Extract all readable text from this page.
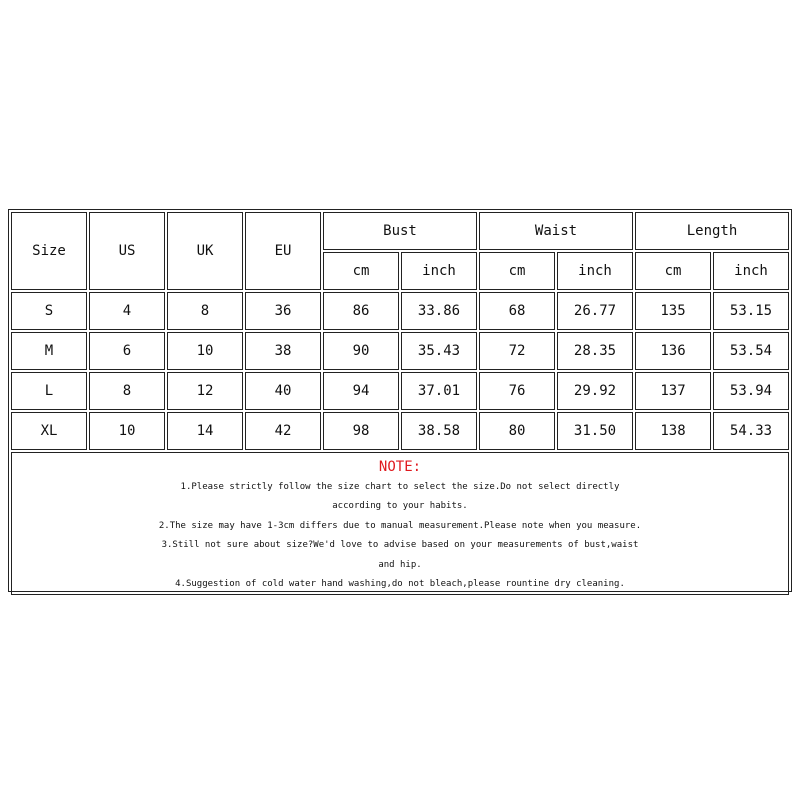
Size	US	UK	EU	Bust		Waist		Length	
				cm	inch	cm	inch	cm	inch
S	4	8	36	86	33.86	68	26.77	135	53.15
M	6	10	38	90	35.43	72	28.35	136	53.54
L	8	12	40	94	37.01	76	29.92	137	53.94
XL	10	14	42	98	38.58	80	31.50	138	54.33
NOTE:
1.Please strictly follow the size chart to select the size.Do not select directly
according to your habits.
2.The size may have 1-3cm differs due to manual measurement.Please note when you measure.
3.Still not sure about size?We'd love to advise based on your measurements of bust,waist
and hip.
4.Suggestion of cold water hand washing,do not bleach,please rountine dry cleaning.
